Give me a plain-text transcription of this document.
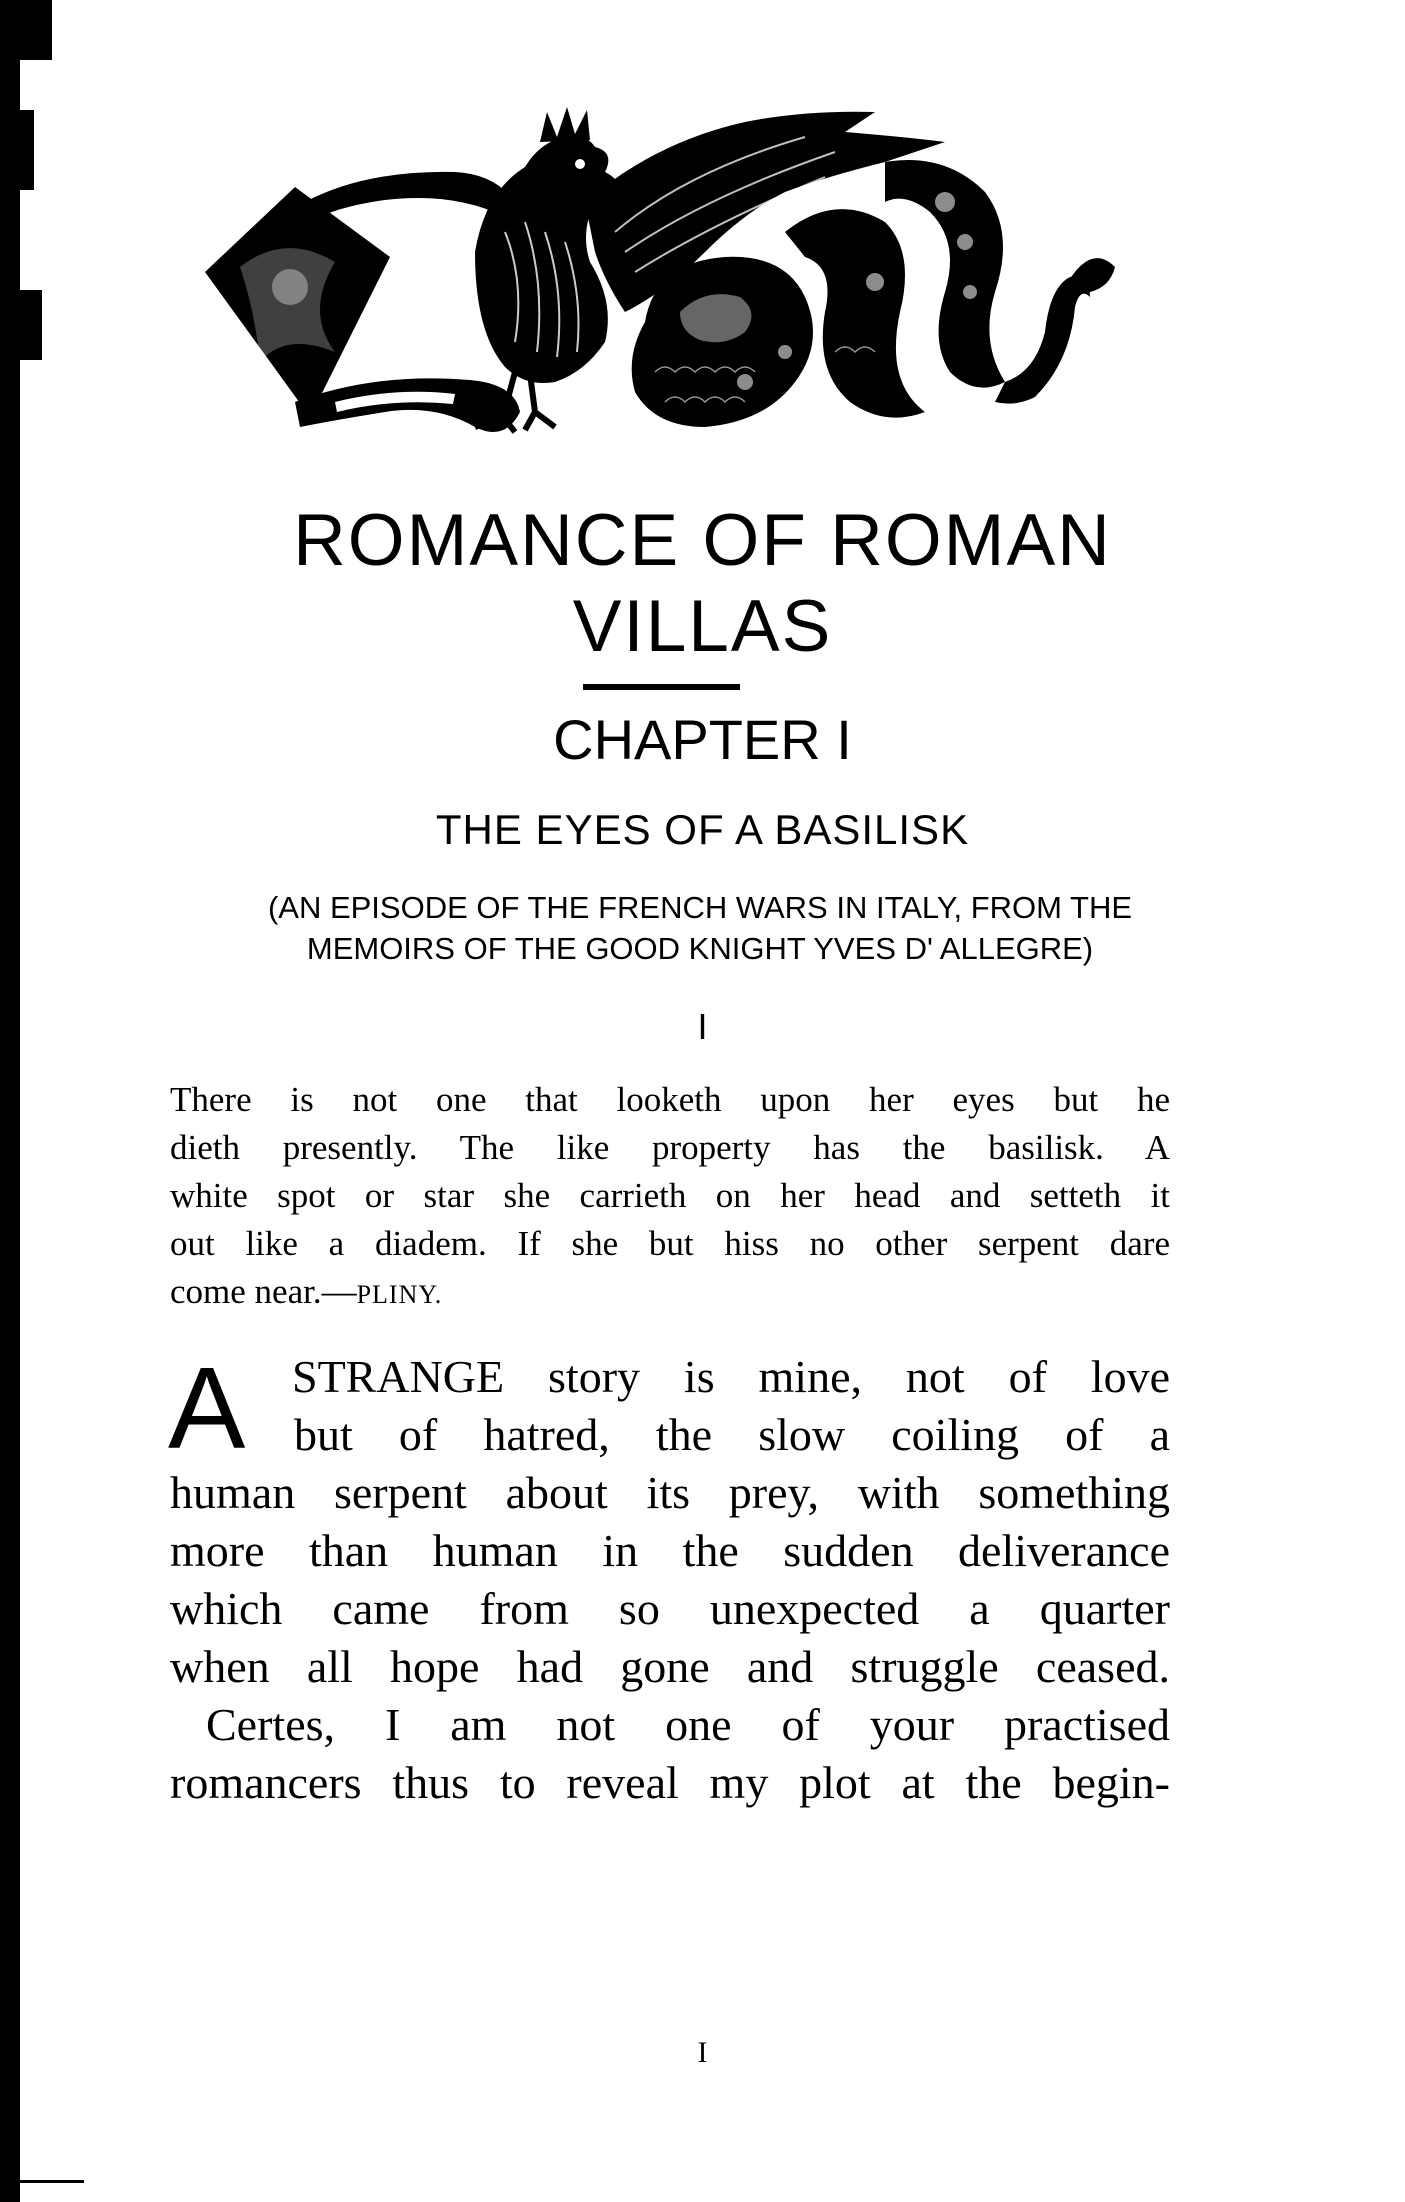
ROMANCE OF ROMAN
VILLAS
CHAPTER I
THE EYES OF A BASILISK
(AN EPISODE OF THE FRENCH WARS IN ITALY, FROM THE
MEMOIRS OF THE GOOD KNIGHT YVES D' ALLEGRE)
I
There is not one that looketh upon her eyes but he
dieth presently. The like property has the basilisk. A
white spot or star she carrieth on her head and setteth it
out like a diadem. If she but hiss no other serpent dare
come near.—PLINY.
A STRANGE story is mine, not of love
but of hatred, the slow coiling of a
human serpent about its prey, with something
more than human in the sudden deliverance
which came from so unexpected a quarter
when all hope had gone and struggle ceased.
Certes, I am not one of your practised
romancers thus to reveal my plot at the begin-
I
